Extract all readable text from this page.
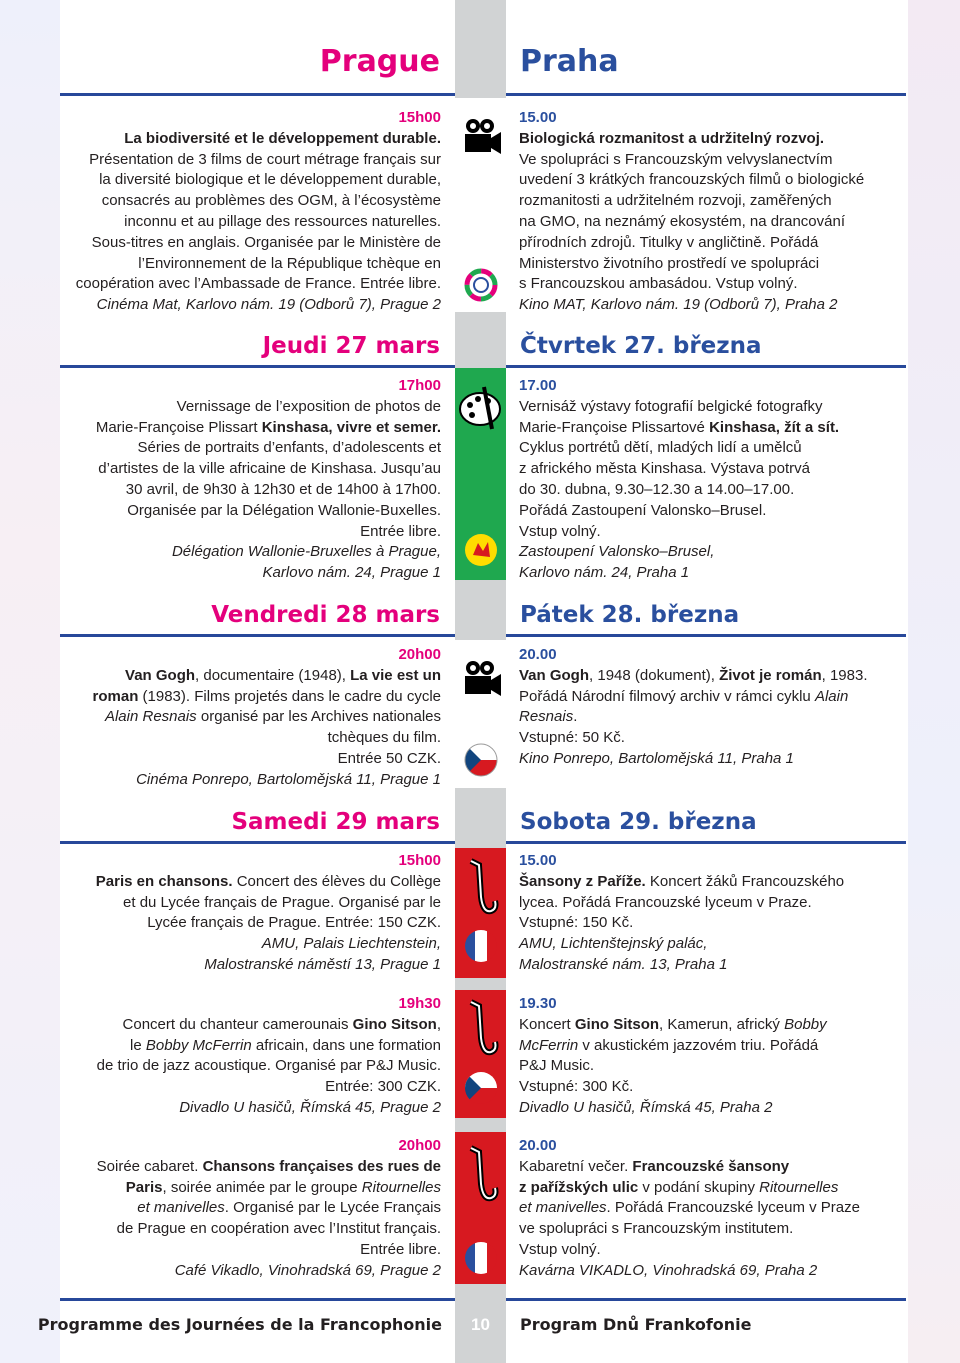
Prague	Praha
15h00
La biodiversité et le développement durable.
Présentation de 3 films de court métrage français sur
la diversité biologique et le développement durable,
consacrés au problèmes des OGM, à l’écosystème
inconnu et au pillage des ressources naturelles.
Sous-titres en anglais. Organisée par le Ministère de
l’Environnement de la République tchèque en
coopération avec l’Ambassade de France. Entrée libre.
Cinéma Mat, Karlovo nám. 19 (Odborů 7), Prague 2
15.00
Biologická rozmanitost a udržitelný rozvoj.
Ve spolupráci s Francouzským velvyslanectvím
uvedení 3 krátkých francouzských filmů o biologické
rozmanitosti a udržitelném rozvoji, zaměřených
na GMO, na neznámý ekosystém, na drancování
přírodních zdrojů. Titulky v angličtině. Pořádá
Ministerstvo životního prostředí ve spolupráci
s Francouzskou ambasádou. Vstup volný.
Kino MAT, Karlovo nám. 19 (Odborů 7), Praha 2
Jeudi 27 mars	Čtvrtek 27. března
17h00
Vernissage de l’exposition de photos de
Marie-Françoise Plissart Kinshasa, vivre et semer.
Séries de portraits d’enfants, d’adolescents et
d’artistes de la ville africaine de Kinshasa. Jusqu’au
30 avril, de 9h30 à 12h30 et de 14h00 à 17h00.
Organisée par la Délégation Wallonie-Buxelles.
Entrée libre.
Délégation Wallonie-Bruxelles à Prague,
Karlovo nám. 24, Prague 1
17.00
Vernisáž výstavy fotografií belgické fotografky
Marie-Françoise Plissartové Kinshasa, žít a sít.
Cyklus portrétů dětí, mladých lidí a umělců
z afrického města Kinshasa. Výstava potrvá
do 30. dubna, 9.30–12.30 a 14.00–17.00.
Pořádá Zastoupení Valonsko–Brusel.
Vstup volný.
Zastoupení Valonsko–Brusel,
Karlovo nám. 24, Praha 1
Vendredi 28 mars	Pátek 28. března
20h00
Van Gogh, documentaire (1948), La vie est un
roman (1983). Films projetés dans le cadre du cycle
Alain Resnais organisé par les Archives nationales
tchèques du film.
Entrée 50 CZK.
Cinéma Ponrepo, Bartolomějská 11, Prague 1
20.00
Van Gogh, 1948 (dokument), Život je román, 1983.
Pořádá Národní filmový archiv v rámci cyklu Alain
Resnais.
Vstupné: 50 Kč.
Kino Ponrepo, Bartolomějská 11, Praha 1
Samedi 29 mars	Sobota 29. března
15h00
Paris en chansons. Concert des élèves du Collège
et du Lycée français de Prague. Organisé par le
Lycée français de Prague. Entrée: 150 CZK.
AMU, Palais Liechtenstein,
Malostranské náměstí 13, Prague 1
15.00
Šansony z Paříže. Koncert žáků Francouzského
lycea. Pořádá Francouzské lyceum v Praze.
Vstupné: 150 Kč.
AMU, Lichtenštejnský palác,
Malostranské nám. 13, Praha 1
19h30
Concert du chanteur camerounais Gino Sitson,
le Bobby McFerrin africain, dans une formation
de trio de jazz acoustique. Organisé par P&J Music.
Entrée: 300 CZK.
Divadlo U hasičů, Římská 45, Prague 2
19.30
Koncert Gino Sitson, Kamerun, africký Bobby
McFerrin v akustickém jazzovém triu. Pořádá
P&J Music.
Vstupné: 300 Kč.
Divadlo U hasičů, Římská 45, Praha 2
20h00
Soirée cabaret. Chansons françaises des rues de
Paris, soirée animée par le groupe Ritournelles
et manivelles. Organisé par le Lycée Français
de Prague en coopération avec l’Institut français.
Entrée libre.
Café Vikadlo, Vinohradská 69, Prague 2
20.00
Kabaretní večer. Francouzské šansony
z pařížských ulic v podání skupiny Ritournelles
et manivelles. Pořádá Francouzské lyceum v Praze
ve spolupráci s Francouzským institutem.
Vstup volný.
Kavárna VIKADLO, Vinohradská 69, Praha 2
Programme des Journées de la Francophonie	10	Program Dnů Frankofonie
